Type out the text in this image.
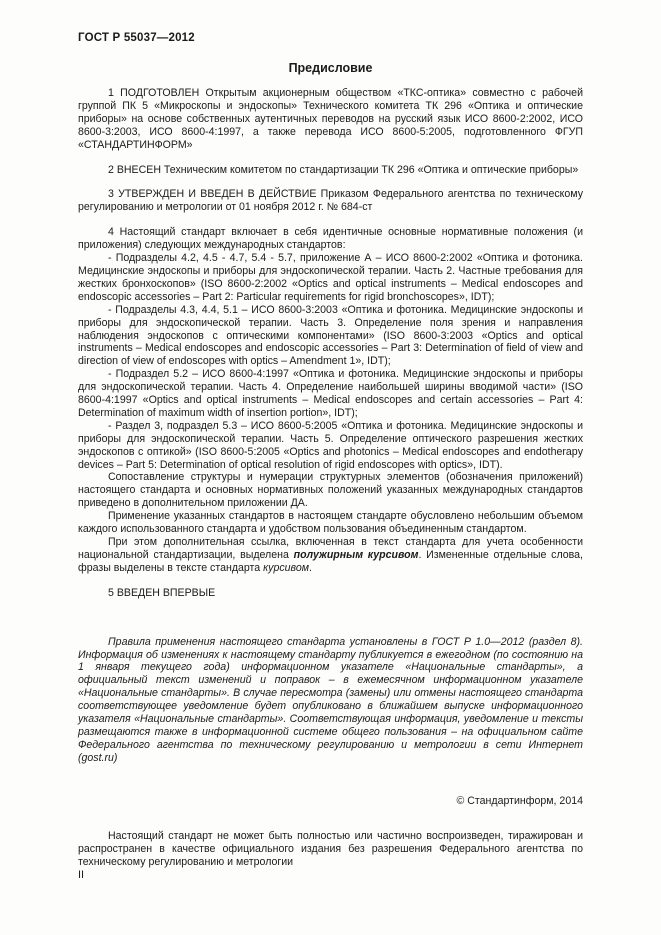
ГОСТ Р 55037—2012
Предисловие

1 ПОДГОТОВЛЕН Открытым акционерным обществом «ТКС-оптика» совместно с рабочей группой ПК 5 «Микроскопы и эндоскопы» Технического комитета ТК 296 «Оптика и оптические приборы» на основе собственных аутентичных переводов на русский язык ИСО 8600-2:2002, ИСО 8600-3:2003, ИСО 8600-4:1997, а также перевода ИСО 8600-5:2005, подготовленного ФГУП «СТАНДАРТИНФОРМ»

2 ВНЕСЕН Техническим комитетом по стандартизации ТК 296 «Оптика и оптические приборы»

3 УТВЕРЖДЕН И ВВЕДЕН В ДЕЙСТВИЕ Приказом Федерального агентства по техническому регулированию и метрологии от 01 ноября 2012 г. № 684-ст

4 Настоящий стандарт включает в себя идентичные основные нормативные положения (и приложения) следующих международных стандартов:

- Подразделы 4.2, 4.5 - 4.7, 5.4 - 5.7, приложение А – ИСО 8600-2:2002 «Оптика и фотоника. Медицинские эндоскопы и приборы для эндоскопической терапии. Часть 2. Частные требования для жестких бронхоскопов» (ISO 8600-2:2002 «Optics and optical instruments – Medical endoscopes and endoscopic accessories – Part 2: Particular requirements for rigid bronchoscopes», IDT);

- Подразделы 4.3, 4.4, 5.1 – ИСО 8600-3:2003 «Оптика и фотоника. Медицинские эндоскопы и приборы для эндоскопической терапии. Часть 3. Определение поля зрения и направления наблюдения эндоскопов с оптическими компонентами» (ISO 8600-3:2003 «Optics and optical instruments – Medical endoscopes and endoscopic accessories – Part 3: Determination of field of view and direction of view of endoscopes with optics – Amendment 1», IDT);

- Подраздел 5.2 – ИСО 8600-4:1997 «Оптика и фотоника. Медицинские эндоскопы и приборы для эндоскопической терапии. Часть 4. Определение наибольшей ширины вводимой части» (ISO 8600-4:1997 «Optics and optical instruments – Medical endoscopes and certain accessories – Part 4: Determination of maximum width of insertion portion», IDT);

- Раздел 3, подраздел 5.3 – ИСО 8600-5:2005 «Оптика и фотоника. Медицинские эндоскопы и приборы для эндоскопической терапии. Часть 5. Определение оптического разрешения жестких эндоскопов с оптикой» (ISO 8600-5:2005 «Optics and photonics – Medical endoscopes and endotherapy devices – Part 5: Determination of optical resolution of rigid endoscopes with optics», IDT).

Сопоставление структуры и нумерации структурных элементов (обозначения приложений) настоящего стандарта и основных нормативных положений указанных международных стандартов приведено в дополнительном приложении ДА.

Применение указанных стандартов в настоящем стандарте обусловлено небольшим объемом каждого использованного стандарта и удобством пользования объединенным стандартом.

При этом дополнительная ссылка, включенная в текст стандарта для учета особенности национальной стандартизации, выделена полужирным курсивом. Измененные отдельные слова, фразы выделены в тексте стандарта курсивом.

5 ВВЕДЕН ВПЕРВЫЕ

Правила применения настоящего стандарта установлены в ГОСТ Р 1.0—2012 (раздел 8). Информация об изменениях к настоящему стандарту публикуется в ежегодном (по состоянию на 1 января текущего года) информационном указателе «Национальные стандарты», а официальный текст изменений и поправок – в ежемесячном информационном указателе «Национальные стандарты». В случае пересмотра (замены) или отмены настоящего стандарта соответствующее уведомление будет опубликовано в ближайшем выпуске информационного указателя «Национальные стандарты». Соответствующая информация, уведомление и тексты размещаются также в информационной системе общего пользования – на официальном сайте Федерального агентства по техническому регулированию и метрологии в сети Интернет (gost.ru)

© Стандартинформ, 2014

Настоящий стандарт не может быть полностью или частично воспроизведен, тиражирован и распространен в качестве официального издания без разрешения Федерального агентства по техническому регулированию и метрологии

II
